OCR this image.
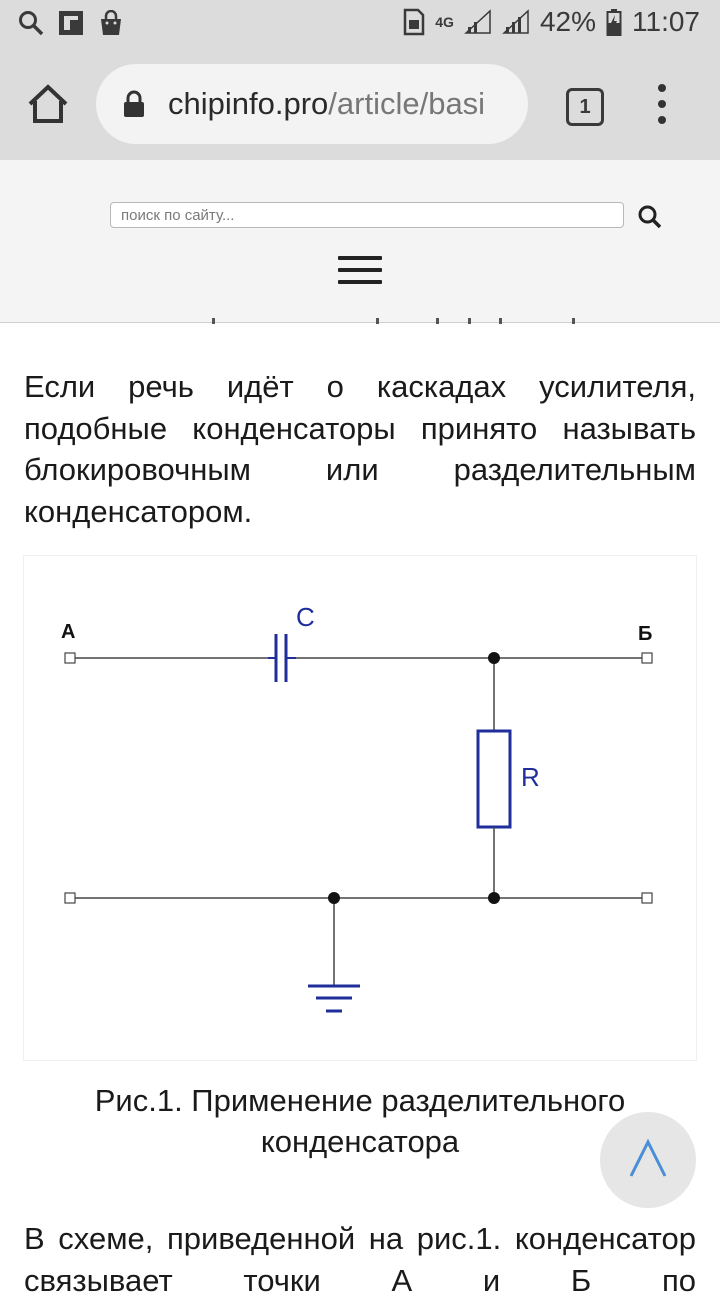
4G	42% 11:07
chipinfo.pro/article/basi	1
поиск по сайту...
Если речь идёт о каскадах усилителя, подобные конденсаторы принято называть блокировочным или разделительным конденсатором.
А	Б
C
R
Рис.1. Применение разделительного конденсатора
В схеме, приведенной на рис.1. конденсатор связывает точки А и Б по
